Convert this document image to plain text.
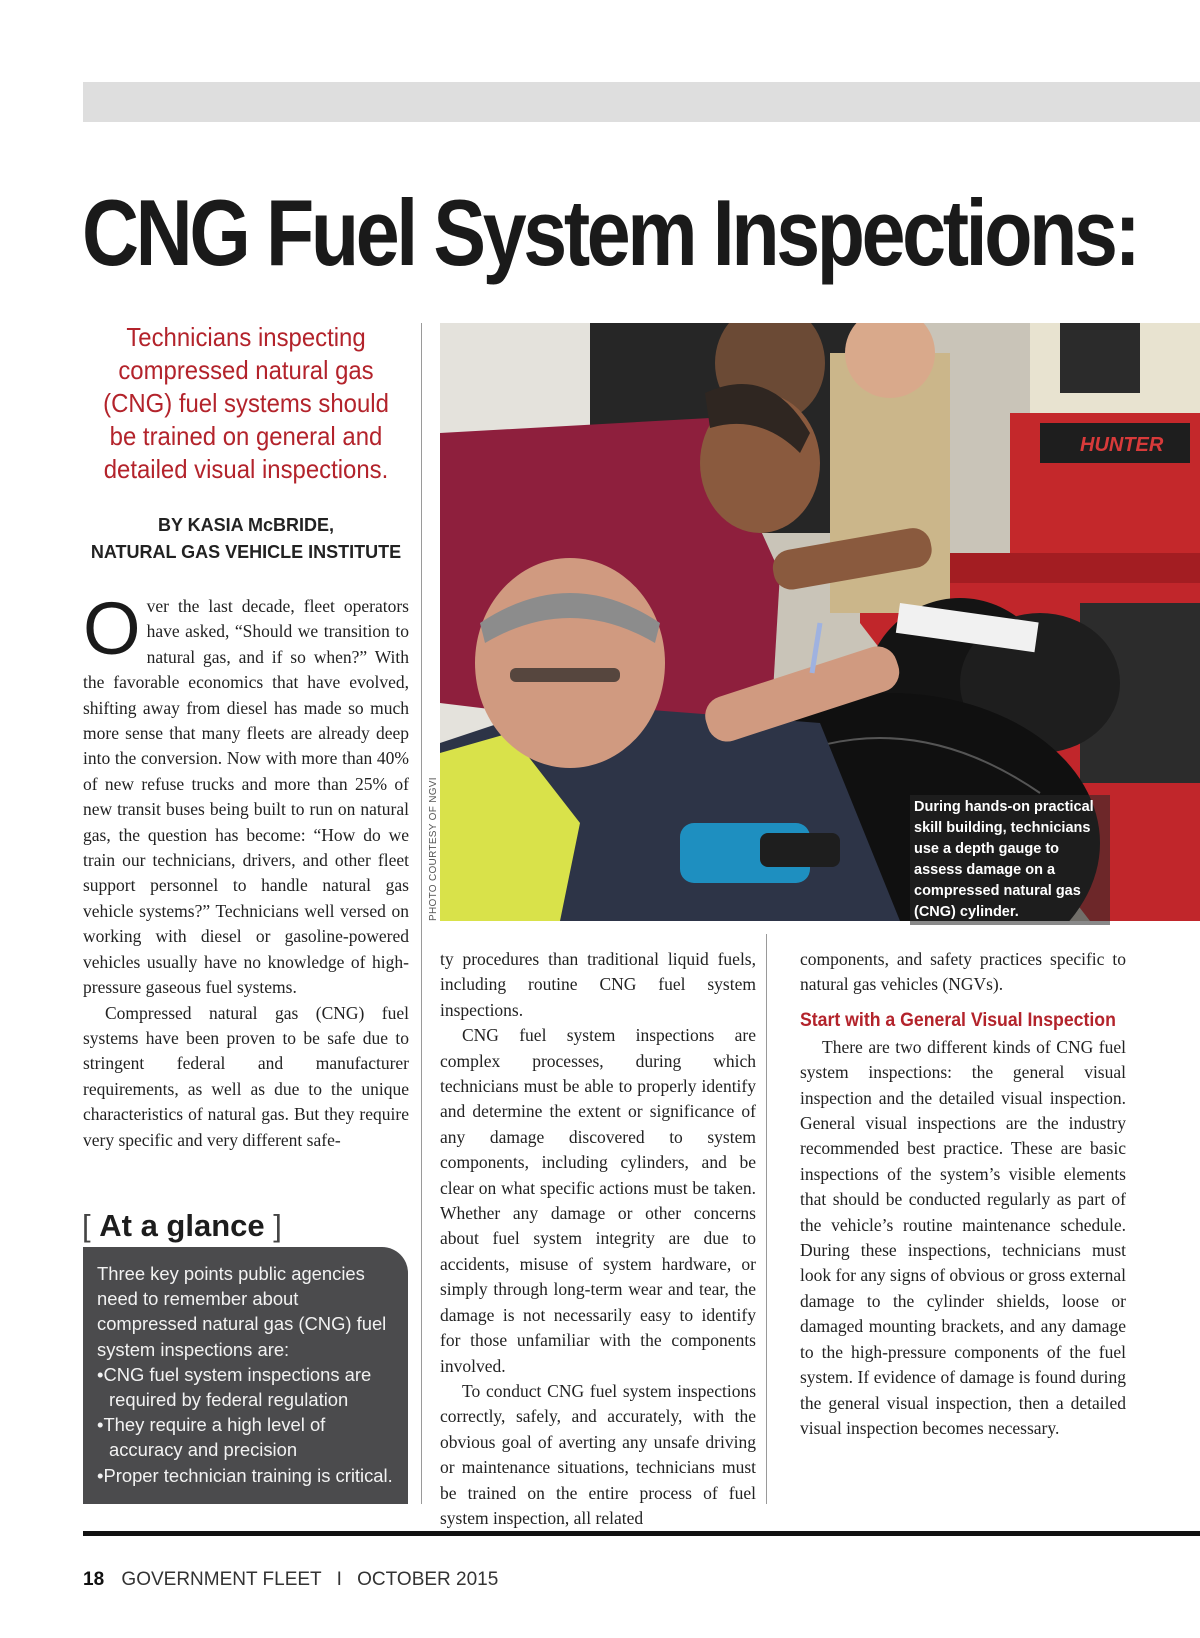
CNG Fuel System Inspections:
Technicians inspecting compressed natural gas (CNG) fuel systems should be trained on general and detailed visual inspections.
BY KASIA McBRIDE,
NATURAL GAS VEHICLE INSTITUTE

Over the last decade, fleet operators have asked, “Should we transition to natural gas, and if so when?” With the favorable economics that have evolved, shifting away from diesel has made so much more sense that many fleets are already deep into the conversion. Now with more than 40% of new refuse trucks and more than 25% of new transit buses being built to run on natural gas, the question has become: “How do we train our technicians, drivers, and other fleet support personnel to handle natural gas vehicle systems?” Technicians well versed on working with diesel or gasoline-powered vehicles usually have no knowledge of high-pressure gaseous fuel systems.

Compressed natural gas (CNG) fuel systems have been proven to be safe due to stringent federal and manufacturer requirements, as well as due to the unique characteristics of natural gas. But they require very specific and very different safe-

[ At a glance ]
Three key points public agencies need to remember about compressed natural gas (CNG) fuel system inspections are:
• CNG fuel system inspections are required by federal regulation
• They require a high level of accuracy and precision
• Proper technician training is critical.
HUNTER
PHOTO COURTESY OF NGVI	During hands-on practical skill building, technicians use a depth gauge to assess damage on a compressed natural gas (CNG) cylinder.

ty procedures than traditional liquid fuels, including routine CNG fuel system inspections.

CNG fuel system inspections are complex processes, during which technicians must be able to properly identify and determine the extent or significance of any damage discovered to system components, including cylinders, and be clear on what specific actions must be taken. Whether any damage or other concerns about fuel system integrity are due to accidents, misuse of system hardware, or simply through long-term wear and tear, the damage is not necessarily easy to identify for those unfamiliar with the components involved.

To conduct CNG fuel system inspections correctly, safely, and accurately, with the obvious goal of averting any unsafe driving or maintenance situations, technicians must be trained on the entire process of fuel system inspection, all related

components, and safety practices specific to natural gas vehicles (NGVs).

Start with a General Visual Inspection

There are two different kinds of CNG fuel system inspections: the general visual inspection and the detailed visual inspection. General visual inspections are the industry recommended best practice. These are basic inspections of the system’s visible elements that should be conducted regularly as part of the vehicle’s routine maintenance schedule. During these inspections, technicians must look for any signs of obvious or gross external damage to the cylinder shields, loose or damaged mounting brackets, and any damage to the high-pressure components of the fuel system. If evidence of damage is found during the general visual inspection, then a detailed visual inspection becomes necessary.

18 GOVERNMENT FLEET I OCTOBER 2015
